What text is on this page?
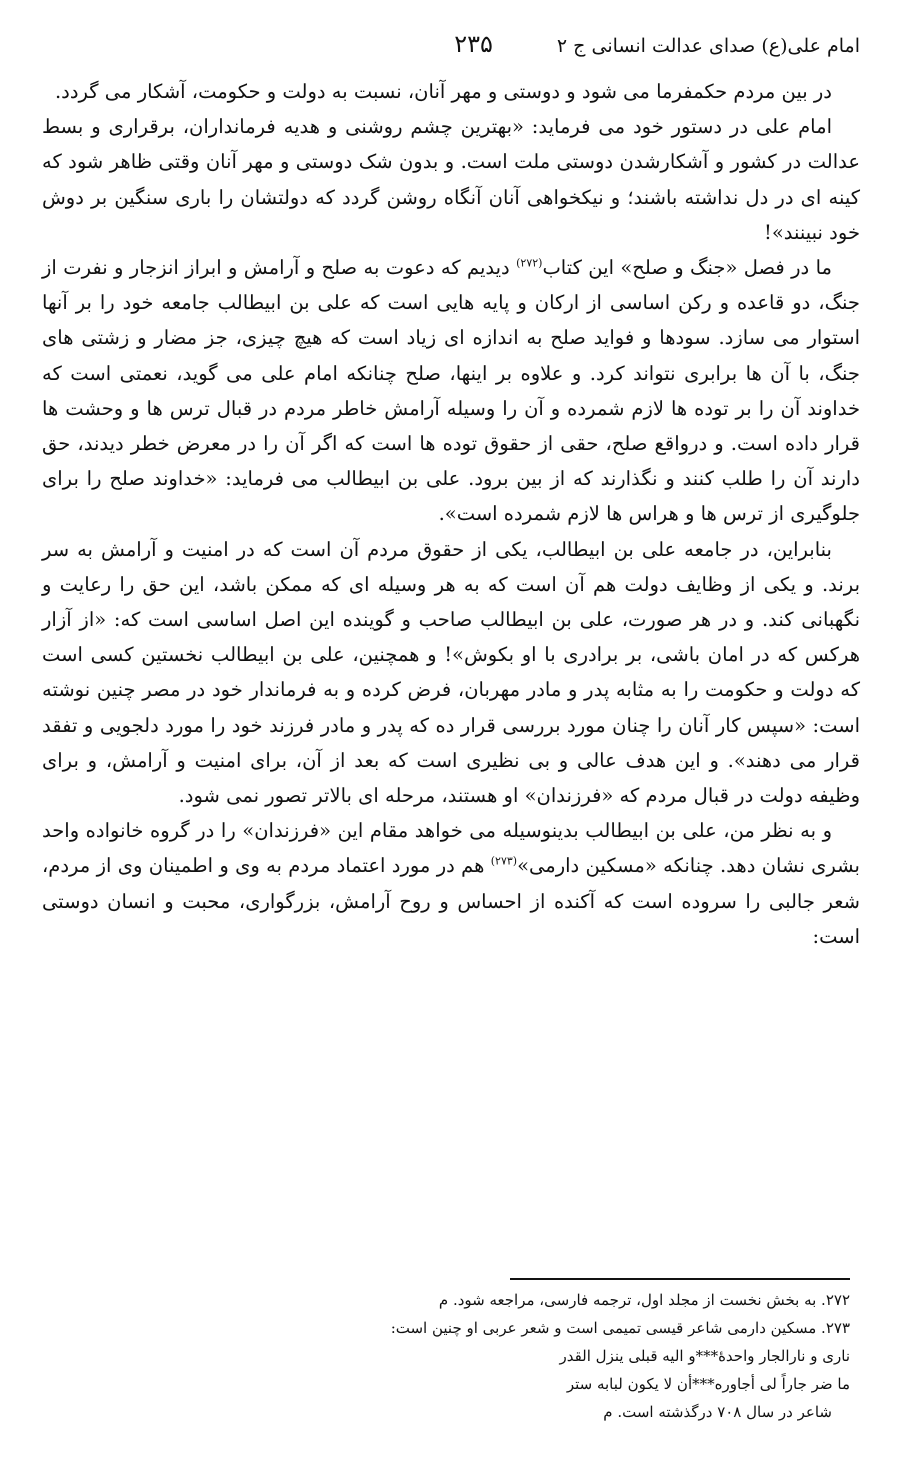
امام علی(ع) صدای عدالت انسانی ج ۲
۲۳۵

در بین مردم حکمفرما می شود و دوستی و مهر آنان، نسبت به دولت و حکومت، آشکار می گردد.

امام علی در دستور خود می فرماید: «بهترین چشم روشنی و هدیه فرمانداران، برقراری و بسط عدالت در کشور و آشکارشدن دوستی ملت است. و بدون شک دوستی و مهر آنان وقتی ظاهر شود که کینه ای در دل نداشته باشند؛ و نیکخواهی آنان آنگاه روشن گردد که دولتشان را باری سنگین بر دوش خود نبینند»!

ما در فصل «جنگ و صلح» این کتاب$^{(۲۷۲)}$ دیدیم که دعوت به صلح و آرامش و ابراز انزجار و نفرت از جنگ، دو قاعده و رکن اساسی از ارکان و پایه هایی است که علی بن ابیطالب جامعه خود را بر آنها استوار می سازد. سودها و فواید صلح به اندازه ای زیاد است که هیچ چیزی، جز مضار و زشتی های جنگ، با آن ها برابری نتواند کرد. و علاوه بر اینها، صلح چنانکه امام علی می گوید، نعمتی است که خداوند آن را بر توده ها لازم شمرده و آن را وسیله آرامش خاطر مردم در قبال ترس ها و وحشت ها قرار داده است. و درواقع صلح، حقی از حقوق توده ها است که اگر آن را در معرض خطر دیدند، حق دارند آن را طلب کنند و نگذارند که از بین برود. علی بن ابیطالب می فرماید: «خداوند صلح را برای جلوگیری از ترس ها و هراس ها لازم شمرده است».

بنابراین، در جامعه علی بن ابیطالب، یکی از حقوق مردم آن است که در امنیت و آرامش به سر برند. و یکی از وظایف دولت هم آن است که به هر وسیله ای که ممکن باشد، این حق را رعایت و نگهبانی کند. و در هر صورت، علی بن ابیطالب صاحب و گوینده این اصل اساسی است که: «از آزار هرکس که در امان باشی، بر برادری با او بکوش»! و همچنین، علی بن ابیطالب نخستین کسی است که دولت و حکومت را به مثابه پدر و مادر مهربان، فرض کرده و به فرماندار خود در مصر چنین نوشته است: «سپس کار آنان را چنان مورد بررسی قرار ده که پدر و مادر فرزند خود را مورد دلجویی و تفقد قرار می دهند». و این هدف عالی و بی نظیری است که بعد از آن، برای امنیت و آرامش، و برای وظیفه دولت در قبال مردم که «فرزندان» او هستند، مرحله ای بالاتر تصور نمی شود.

و به نظر من، علی بن ابیطالب بدینوسیله می خواهد مقام این «فرزندان» را در گروه خانواده واحد بشری نشان دهد. چنانکه «مسکین دارمی»$^{(۲۷۳)}$ هم در مورد اعتماد مردم به وی و اطمینان وی از مردم، شعر جالبی را سروده است که آکنده از احساس و روح آرامش، بزرگواری، محبت و انسان دوستی است:

۲۷۲. به بخش نخست از مجلد اول، ترجمه فارسی، مراجعه شود. م
۲۷۳. مسکین دارمی شاعر قیسی تمیمی است و شعر عربی او چنین است:
ناری و نارالجار واحدهٔ***و الیه قبلی ینزل القدر
ما ضر جاراً لی أجاوره***أن لا یکون لبابه ستر
شاعر در سال ۷۰۸ درگذشته است. م
